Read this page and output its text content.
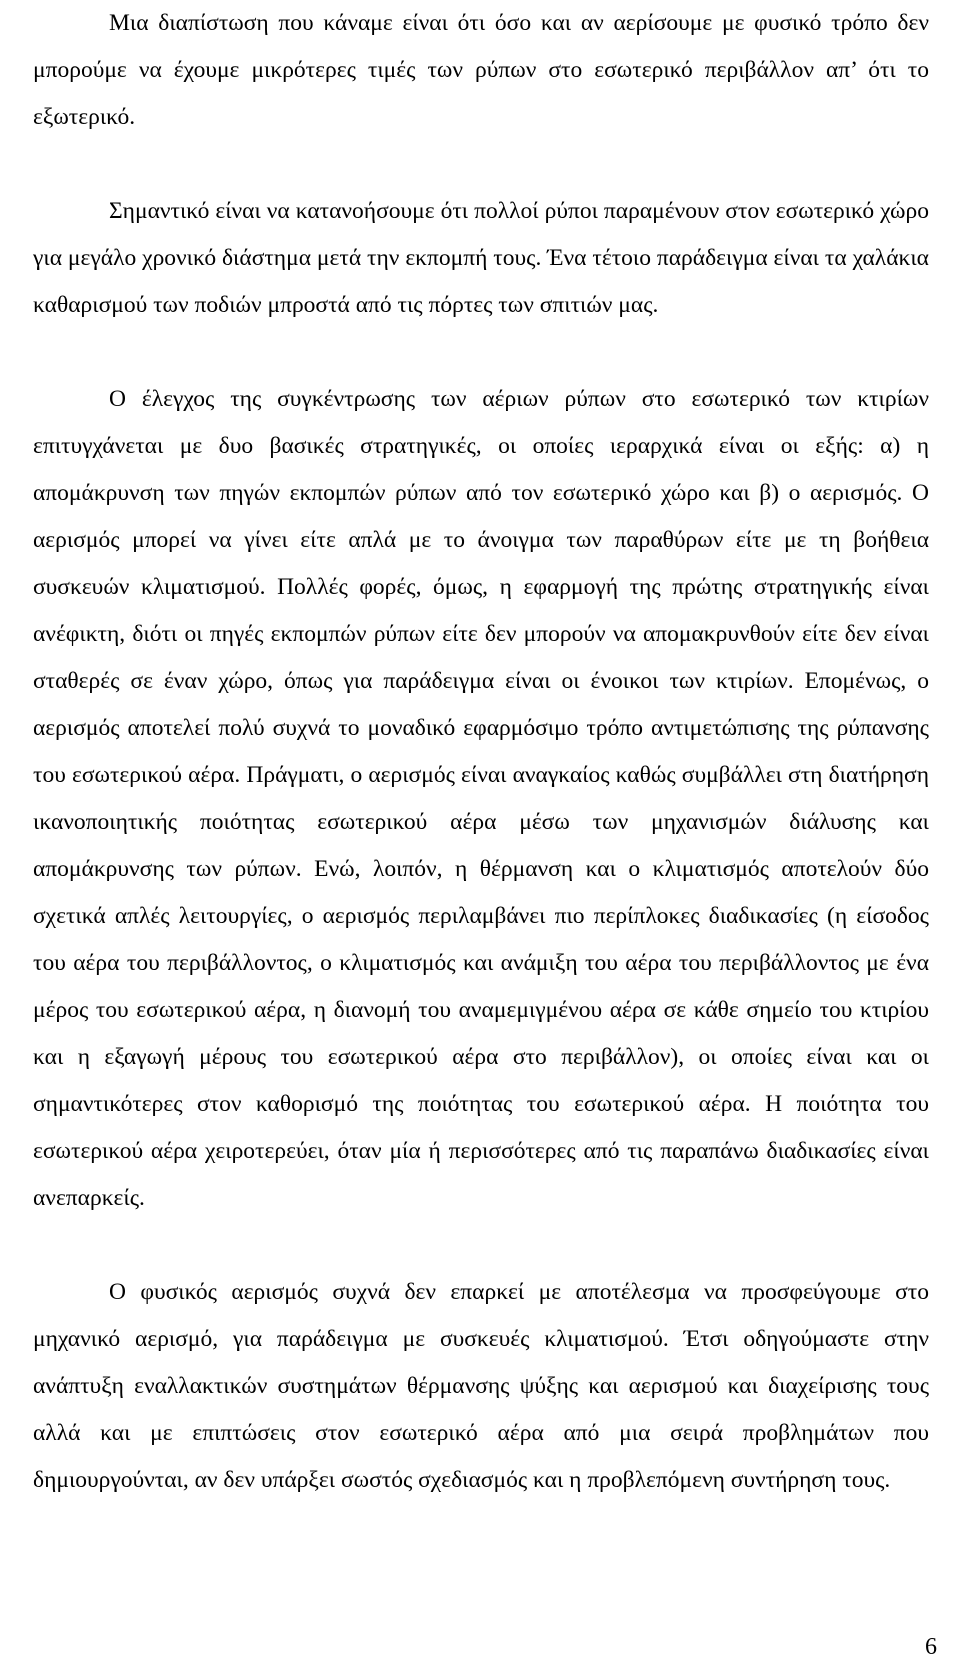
Μια διαπίστωση που κάναμε είναι ότι όσο και αν αερίσουμε με φυσικό τρόπο δεν μπορούμε να έχουμε μικρότερες τιμές των ρύπων στο εσωτερικό περιβάλλον απ’ ότι το εξωτερικό.

Σημαντικό είναι να κατανοήσουμε ότι πολλοί ρύποι παραμένουν στον εσωτερικό χώρο για μεγάλο χρονικό διάστημα μετά την εκπομπή τους. Ένα τέτοιο παράδειγμα είναι τα χαλάκια καθαρισμού των ποδιών μπροστά από τις πόρτες των σπιτιών μας.

Ο έλεγχος της συγκέντρωσης των αέριων ρύπων στο εσωτερικό των κτιρίων επιτυγχάνεται με δυο βασικές στρατηγικές, οι οποίες ιεραρχικά είναι οι εξής: α) η απομάκρυνση των πηγών εκπομπών ρύπων από τον εσωτερικό χώρο και β) ο αερισμός. Ο αερισμός μπορεί να γίνει είτε απλά με το άνοιγμα των παραθύρων είτε με τη βοήθεια συσκευών κλιματισμού. Πολλές φορές, όμως, η εφαρμογή της πρώτης στρατηγικής είναι ανέφικτη, διότι οι πηγές εκπομπών ρύπων είτε δεν μπορούν να απομακρυνθούν είτε δεν είναι σταθερές σε έναν χώρο, όπως για παράδειγμα είναι οι ένοικοι των κτιρίων. Επομένως, ο αερισμός αποτελεί πολύ συχνά το μοναδικό εφαρμόσιμο τρόπο αντιμετώπισης της ρύπανσης του εσωτερικού αέρα. Πράγματι, ο αερισμός είναι αναγκαίος καθώς συμβάλλει στη διατήρηση ικανοποιητικής ποιότητας εσωτερικού αέρα μέσω των μηχανισμών διάλυσης και απομάκρυνσης των ρύπων. Ενώ, λοιπόν, η θέρμανση και ο κλιματισμός αποτελούν δύο σχετικά απλές λειτουργίες, ο αερισμός περιλαμβάνει πιο περίπλοκες διαδικασίες (η είσοδος του αέρα του περιβάλλοντος, ο κλιματισμός και ανάμιξη του αέρα του περιβάλλοντος με ένα μέρος του εσωτερικού αέρα, η διανομή του αναμεμιγμένου αέρα σε κάθε σημείο του κτιρίου και η εξαγωγή μέρους του εσωτερικού αέρα στο περιβάλλον), οι οποίες είναι και οι σημαντικότερες στον καθορισμό της ποιότητας του εσωτερικού αέρα. Η ποιότητα του εσωτερικού αέρα χειροτερεύει, όταν μία ή περισσότερες από τις παραπάνω διαδικασίες είναι ανεπαρκείς.

Ο φυσικός αερισμός συχνά δεν επαρκεί με αποτέλεσμα να προσφεύγουμε στο μηχανικό αερισμό, για παράδειγμα με συσκευές κλιματισμού. Έτσι οδηγούμαστε στην ανάπτυξη εναλλακτικών συστημάτων θέρμανσης ψύξης και αερισμού και διαχείρισης τους αλλά και με επιπτώσεις στον εσωτερικό αέρα από μια σειρά προβλημάτων που δημιουργούνται, αν δεν υπάρξει σωστός σχεδιασμός και η προβλεπόμενη συντήρηση τους.

6
